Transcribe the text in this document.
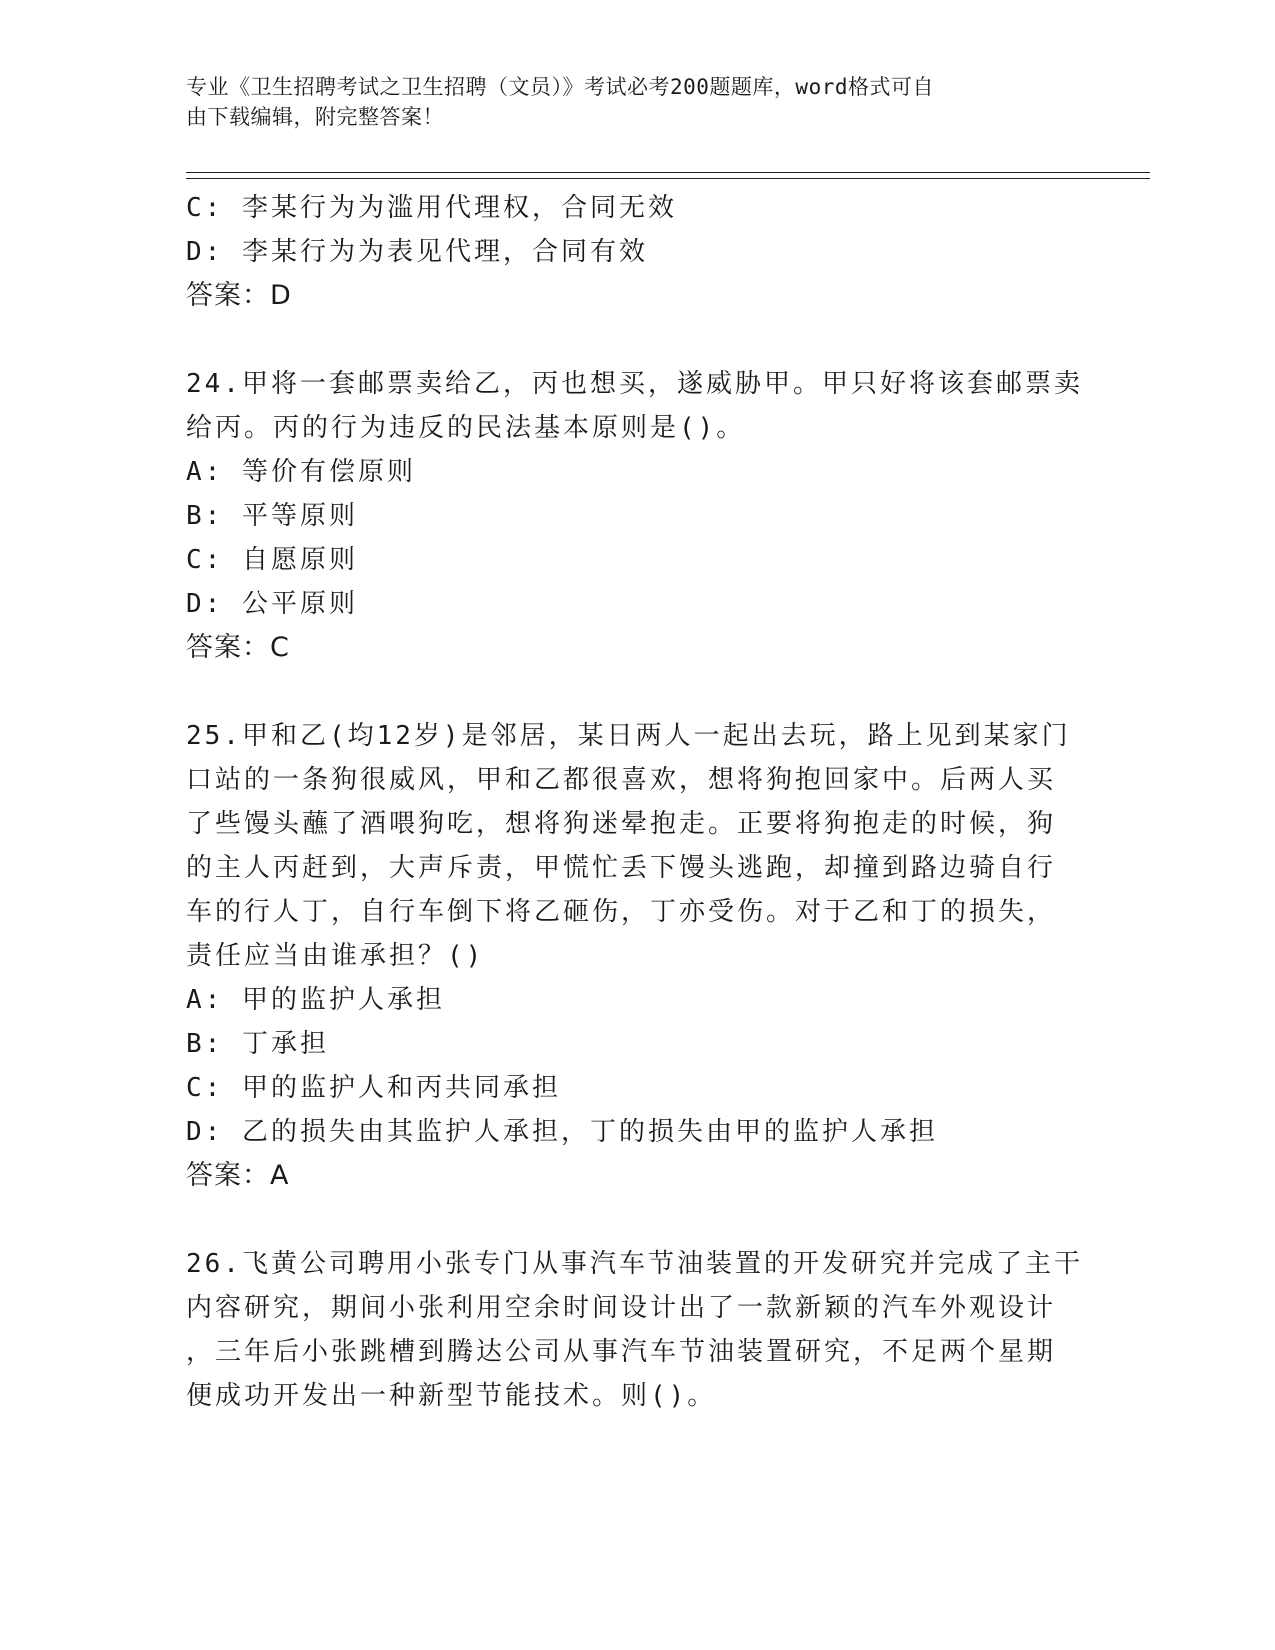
专业《卫生招聘考试之卫生招聘（文员）》考试必考200题题库，word格式可自
由下载编辑，附完整答案！
C: 李某行为为滥用代理权，合同无效
D: 李某行为为表见代理，合同有效
答案：D
24.甲将一套邮票卖给乙，丙也想买，遂威胁甲。甲只好将该套邮票卖
给丙。丙的行为违反的民法基本原则是()。
A: 等价有偿原则
B: 平等原则
C: 自愿原则
D: 公平原则
答案：C
25.甲和乙(均12岁)是邻居，某日两人一起出去玩，路上见到某家门
口站的一条狗很威风，甲和乙都很喜欢，想将狗抱回家中。后两人买
了些馒头蘸了酒喂狗吃，想将狗迷晕抱走。正要将狗抱走的时候，狗
的主人丙赶到，大声斥责，甲慌忙丢下馒头逃跑，却撞到路边骑自行
车的行人丁，自行车倒下将乙砸伤，丁亦受伤。对于乙和丁的损失，
责任应当由谁承担？()
A: 甲的监护人承担
B: 丁承担
C: 甲的监护人和丙共同承担
D: 乙的损失由其监护人承担，丁的损失由甲的监护人承担
答案：A
26.飞黄公司聘用小张专门从事汽车节油装置的开发研究并完成了主干
内容研究，期间小张利用空余时间设计出了一款新颖的汽车外观设计
，三年后小张跳槽到腾达公司从事汽车节油装置研究，不足两个星期
便成功开发出一种新型节能技术。则()。
